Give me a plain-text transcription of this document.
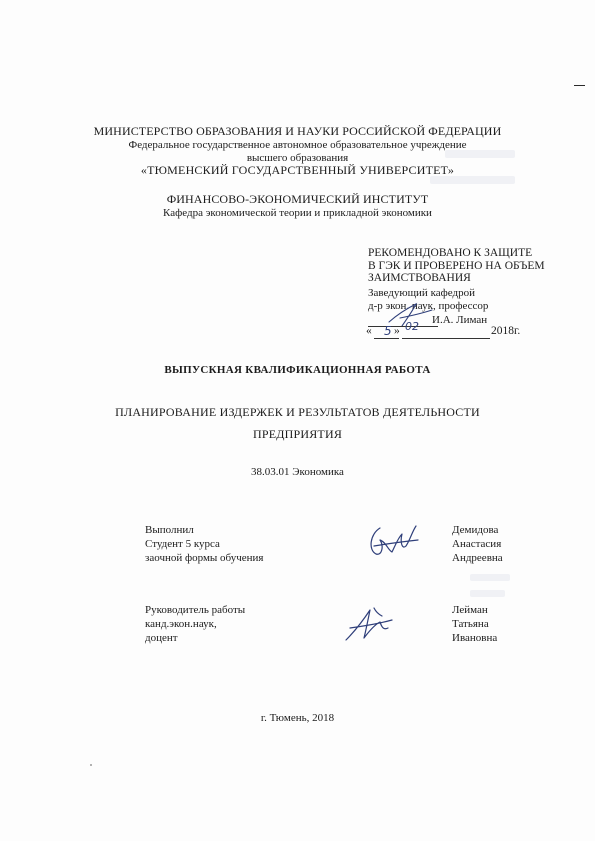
МИНИСТЕРСТВО ОБРАЗОВАНИЯ И НАУКИ РОССИЙСКОЙ ФЕДЕРАЦИИ
Федеральное государственное автономное образовательное учреждение
высшего образования
«ТЮМЕНСКИЙ ГОСУДАРСТВЕННЫЙ УНИВЕРСИТЕТ»
ФИНАНСОВО-ЭКОНОМИЧЕСКИЙ ИНСТИТУТ
Кафедра экономической теории и прикладной экономики
РЕКОМЕНДОВАНО К ЗАЩИТЕ
В ГЭК И ПРОВЕРЕНО НА ОБЪЕМ
ЗАИМСТВОВАНИЯ
Заведующий кафедрой
д-р экон. наук, профессор
И.А. Лиман
« 5 » 02	2018г.
ВЫПУСКНАЯ КВАЛИФИКАЦИОННАЯ РАБОТА
ПЛАНИРОВАНИЕ ИЗДЕРЖЕК И РЕЗУЛЬТАТОВ ДЕЯТЕЛЬНОСТИ
ПРЕДПРИЯТИЯ
38.03.01 Экономика
Выполнил
Студент 5 курса
заочной формы обучения
Демидова
Анастасия
Андреевна
Руководитель работы
канд.экон.наук,
доцент
Лейман
Татьяна
Ивановна
г. Тюмень, 2018
